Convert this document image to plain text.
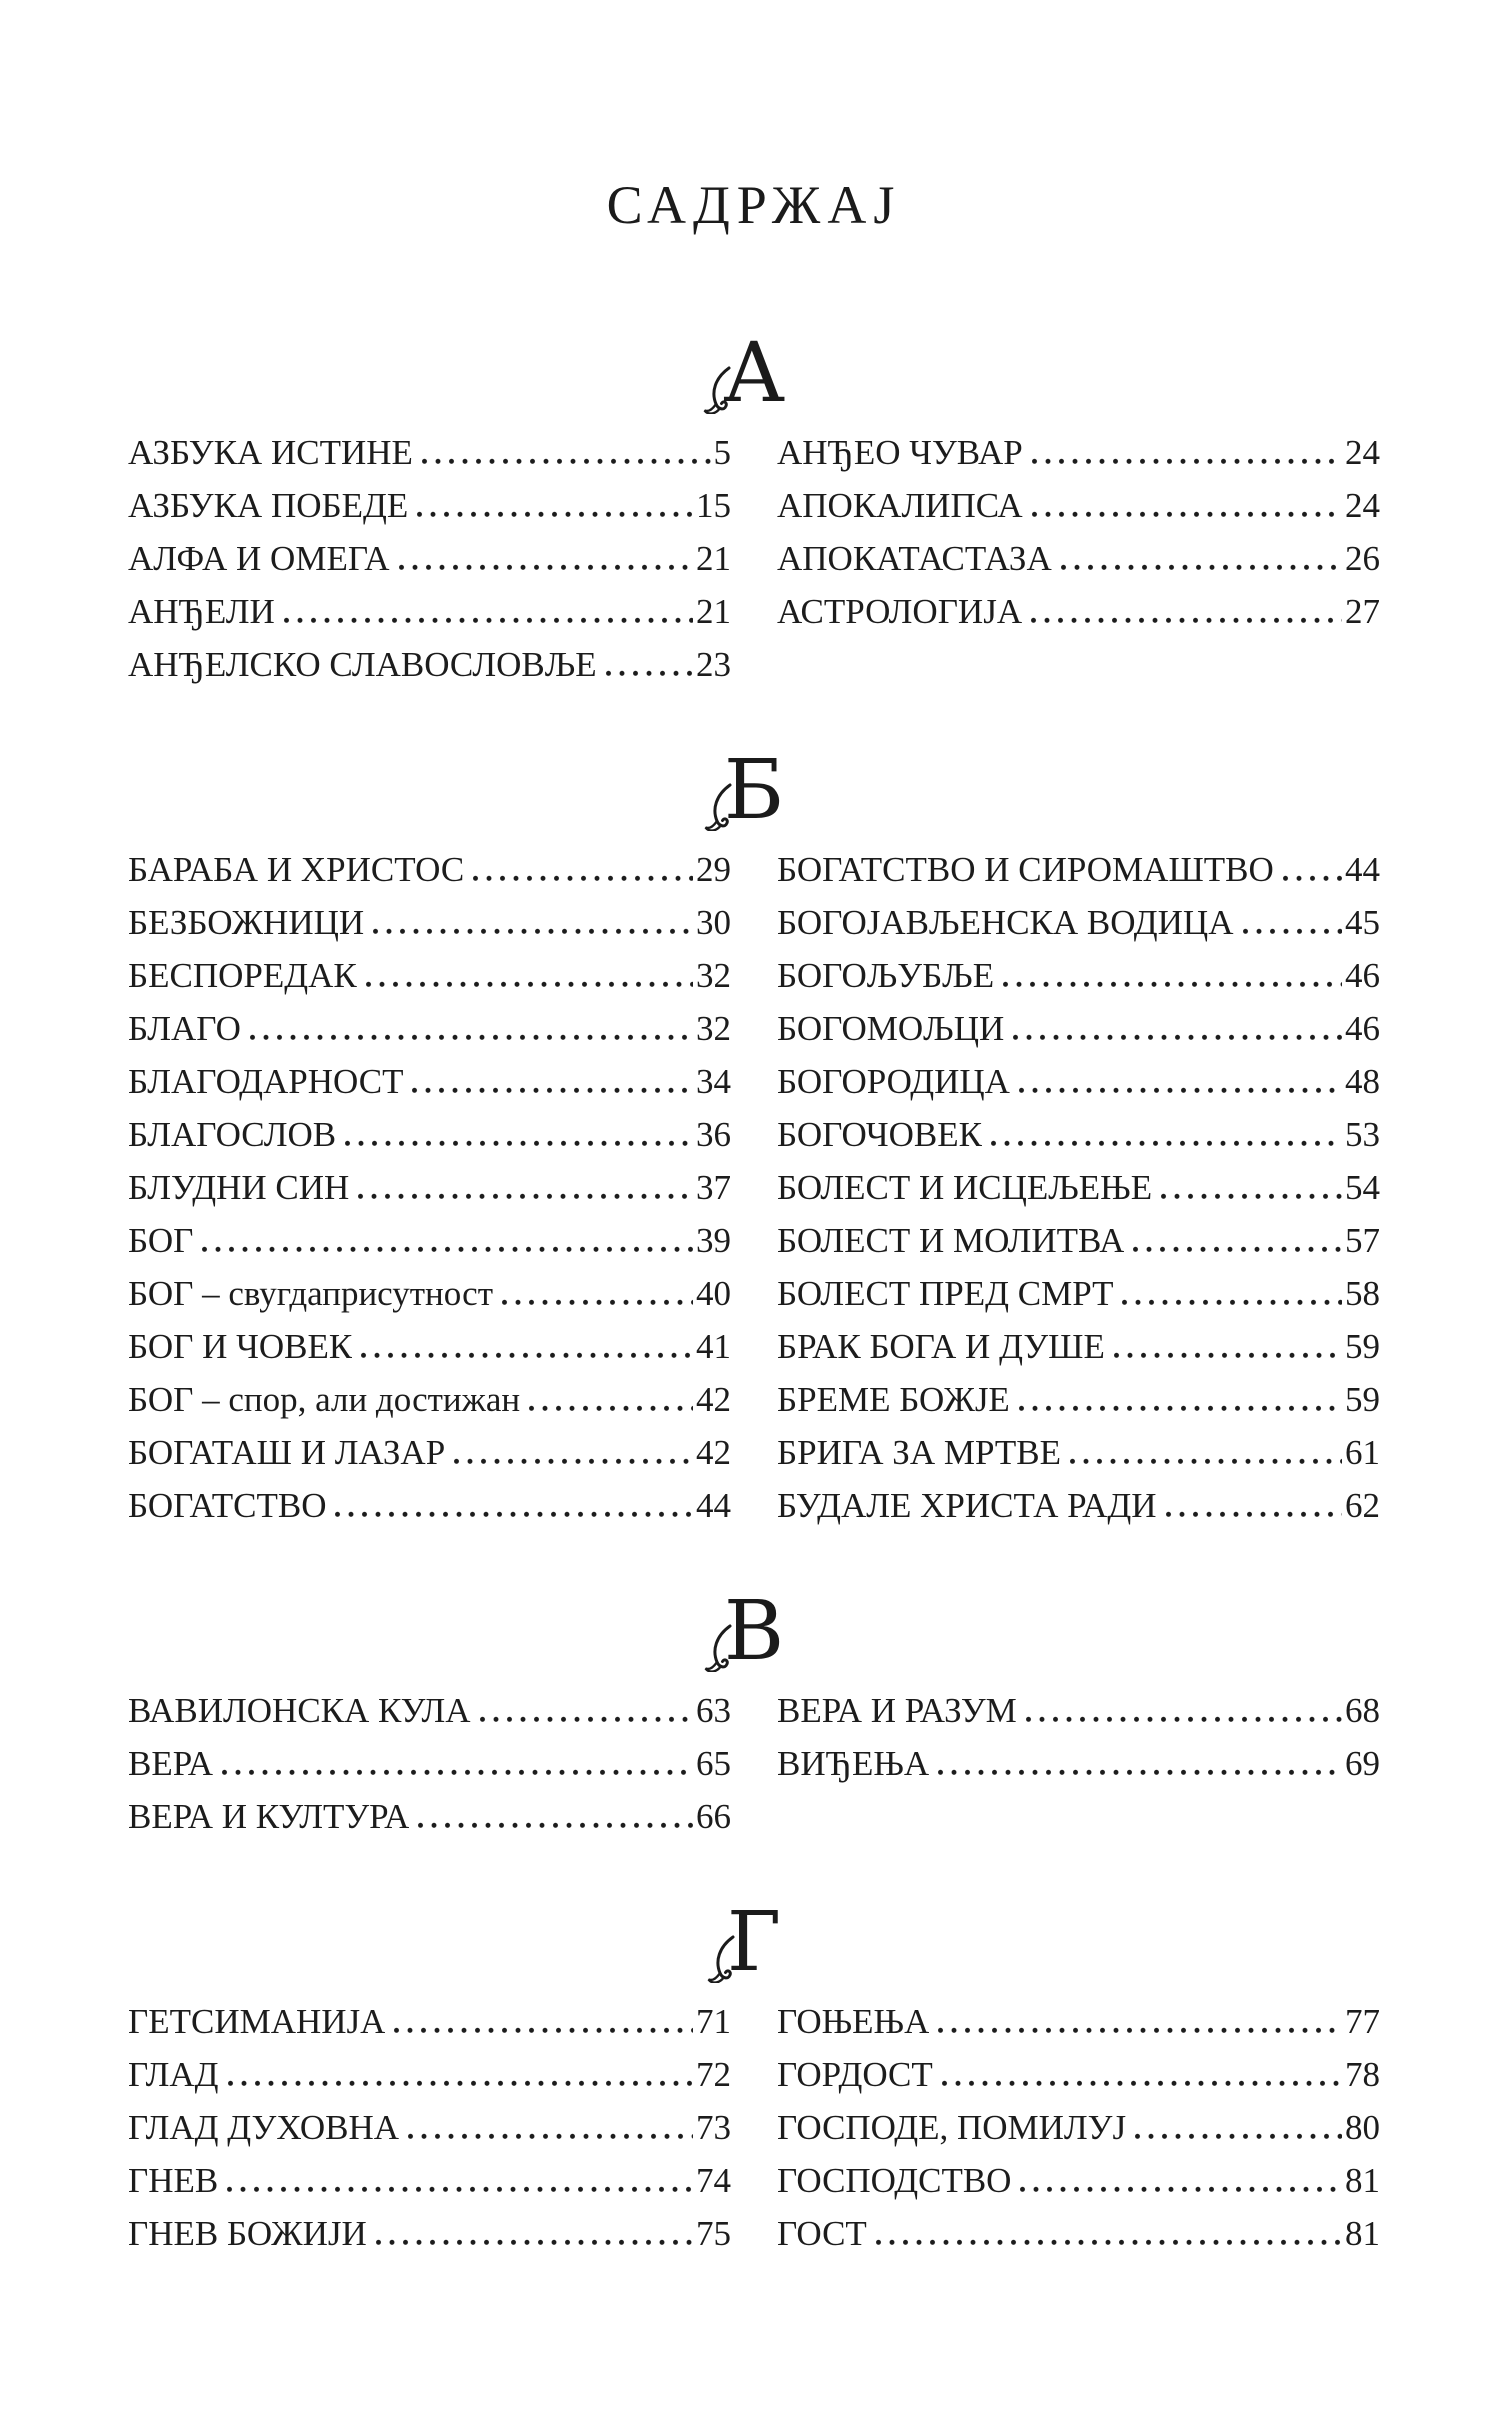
САДРЖАЈ
А
АЗБУКА ИСТИНЕ	5
АЗБУКА ПОБЕДЕ	15
АЛФА И ОМЕГА	21
АНЂЕЛИ	21
АНЂЕЛСКО СЛАВОСЛОВЉЕ	23
АНЂЕО ЧУВАР	24
АПОКАЛИПСА	24
АПОКАТАСТАЗА	26
АСТРОЛОГИЈА	27
Б
БАРАБА И ХРИСТОС	29
БЕЗБОЖНИЦИ	30
БЕСПОРЕДАК	32
БЛАГО	32
БЛАГОДАРНОСТ	34
БЛАГОСЛОВ	36
БЛУДНИ СИН	37
БОГ	39
БОГ – свугдаприсутност	40
БОГ И ЧОВЕК	41
БОГ – спор, али достижан	42
БОГАТАШ И ЛАЗАР	42
БОГАТСТВО	44
БОГАТСТВО И СИРОМАШТВО 44
БОГОЈАВЉЕНСКА ВОДИЦА	45
БОГОЉУБЉЕ	46
БОГОМОЉЦИ	46
БОГОРОДИЦА	48
БОГОЧОВЕК	53
БОЛЕСТ И ИСЦЕЉЕЊЕ	54
БОЛЕСТ И МОЛИТВА	57
БОЛЕСТ ПРЕД СМРТ	58
БРАК БОГА И ДУШЕ	59
БРЕМЕ БОЖЈЕ	59
БРИГА ЗА МРТВЕ	61
БУДАЛЕ ХРИСТА РАДИ	62
В
ВАВИЛОНСКА КУЛА	63
ВЕРА	65
ВЕРА И КУЛТУРА	66
ВЕРА И РАЗУМ	68
ВИЂЕЊА	69
Г
ГЕТСИМАНИЈА	71
ГЛАД	72
ГЛАД ДУХОВНА	73
ГНЕВ	74
ГНЕВ БОЖИЈИ	75
ГОЊЕЊА	77
ГОРДОСТ	78
ГОСПОДЕ, ПОМИЛУЈ	80
ГОСПОДСТВО	81
ГОСТ	81
